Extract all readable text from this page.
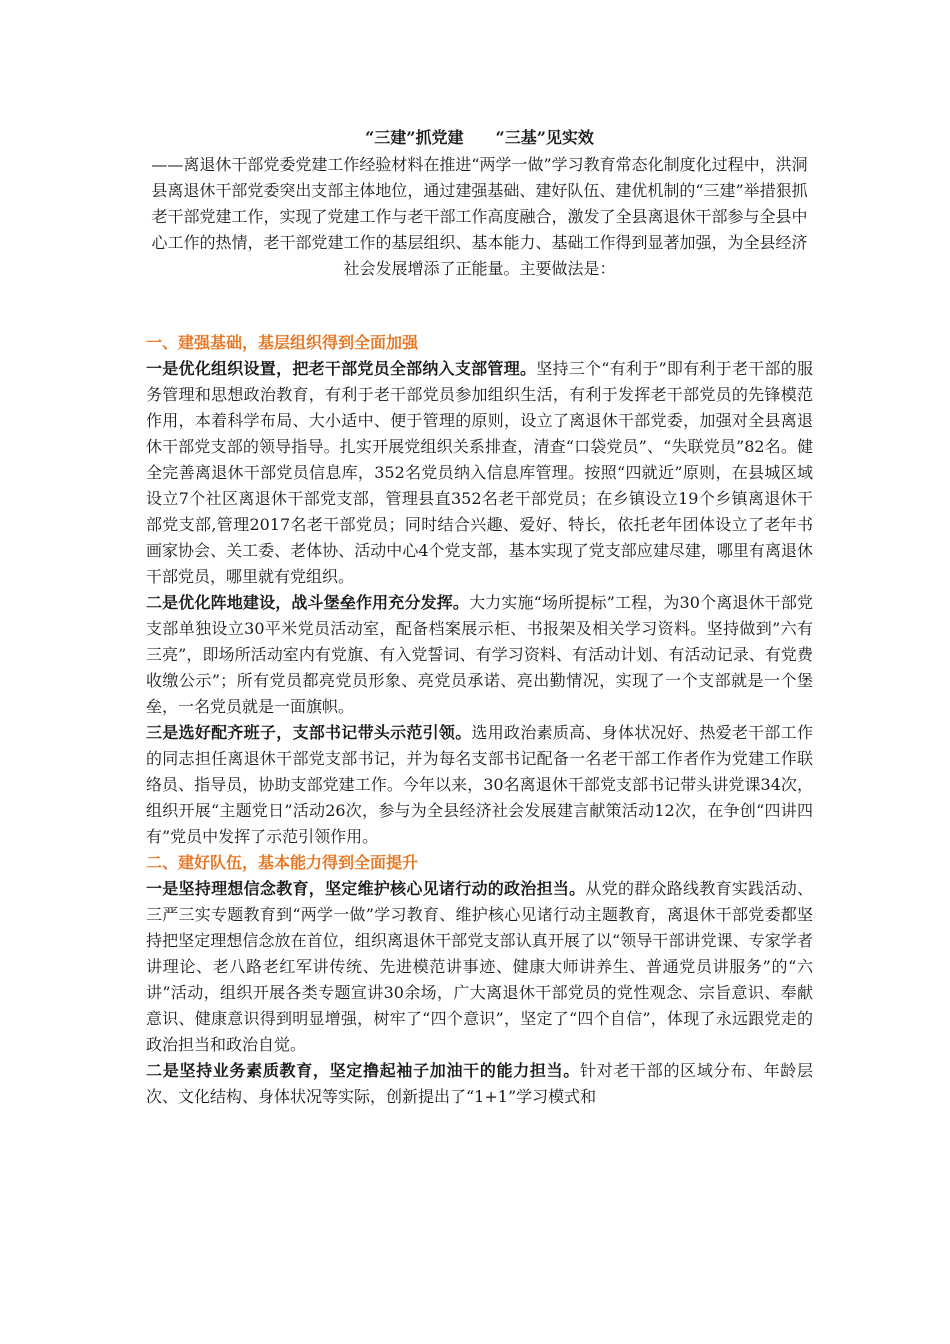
“三建”抓党建　　“三基”见实效

——离退休干部党委党建工作经验材料在推进“两学一做”学习教育常态化制度化过程中，洪洞县离退休干部党委突出支部主体地位，通过建强基础、建好队伍、建优机制的“三建”举措狠抓老干部党建工作，实现了党建工作与老干部工作高度融合，激发了全县离退休干部参与全县中心工作的热情，老干部党建工作的基层组织、基本能力、基础工作得到显著加强，为全县经济社会发展增添了正能量。主要做法是：

一、建强基础，基层组织得到全面加强

一是优化组织设置，把老干部党员全部纳入支部管理。坚持三个“有利于”即有利于老干部的服务管理和思想政治教育，有利于老干部党员参加组织生活，有利于发挥老干部党员的先锋模范作用，本着科学布局、大小适中、便于管理的原则，设立了离退休干部党委，加强对全县离退休干部党支部的领导指导。扎实开展党组织关系排查，清查“口袋党员”、“失联党员”82名。健全完善离退休干部党员信息库，352名党员纳入信息库管理。按照“四就近”原则，在县城区域设立7个社区离退休干部党支部，管理县直352名老干部党员；在乡镇设立19个乡镇离退休干部党支部,管理2017名老干部党员；同时结合兴趣、爱好、特长，依托老年团体设立了老年书画家协会、关工委、老体协、活动中心4个党支部，基本实现了党支部应建尽建，哪里有离退休干部党员，哪里就有党组织。

二是优化阵地建设，战斗堡垒作用充分发挥。大力实施“场所提标”工程，为30个离退休干部党支部单独设立30平米党员活动室，配备档案展示柜、书报架及相关学习资料。坚持做到”六有三亮”，即场所活动室内有党旗、有入党誓词、有学习资料、有活动计划、有活动记录、有党费收缴公示”；所有党员都亮党员形象、亮党员承诺、亮出勤情况，实现了一个支部就是一个堡垒，一名党员就是一面旗帜。

三是选好配齐班子，支部书记带头示范引领。选用政治素质高、身体状况好、热爱老干部工作的同志担任离退休干部党支部书记，并为每名支部书记配备一名老干部工作者作为党建工作联络员、指导员，协助支部党建工作。今年以来，30名离退休干部党支部书记带头讲党课34次，组织开展“主题党日”活动26次，参与为全县经济社会发展建言献策活动12次，在争创“四讲四有”党员中发挥了示范引领作用。

二、建好队伍，基本能力得到全面提升

一是坚持理想信念教育，坚定维护核心见诸行动的政治担当。从党的群众路线教育实践活动、三严三实专题教育到“两学一做”学习教育、维护核心见诸行动主题教育，离退休干部党委都坚持把坚定理想信念放在首位，组织离退休干部党支部认真开展了以“领导干部讲党课、专家学者讲理论、老八路老红军讲传统、先进模范讲事迹、健康大师讲养生、普通党员讲服务”的“六讲”活动，组织开展各类专题宣讲30余场，广大离退休干部党员的党性观念、宗旨意识、奉献意识、健康意识得到明显增强，树牢了“四个意识”，坚定了“四个自信”，体现了永远跟党走的政治担当和政治自觉。

二是坚持业务素质教育，坚定撸起袖子加油干的能力担当。针对老干部的区域分布、年龄层次、文化结构、身体状况等实际，创新提出了“1+1”学习模式和
